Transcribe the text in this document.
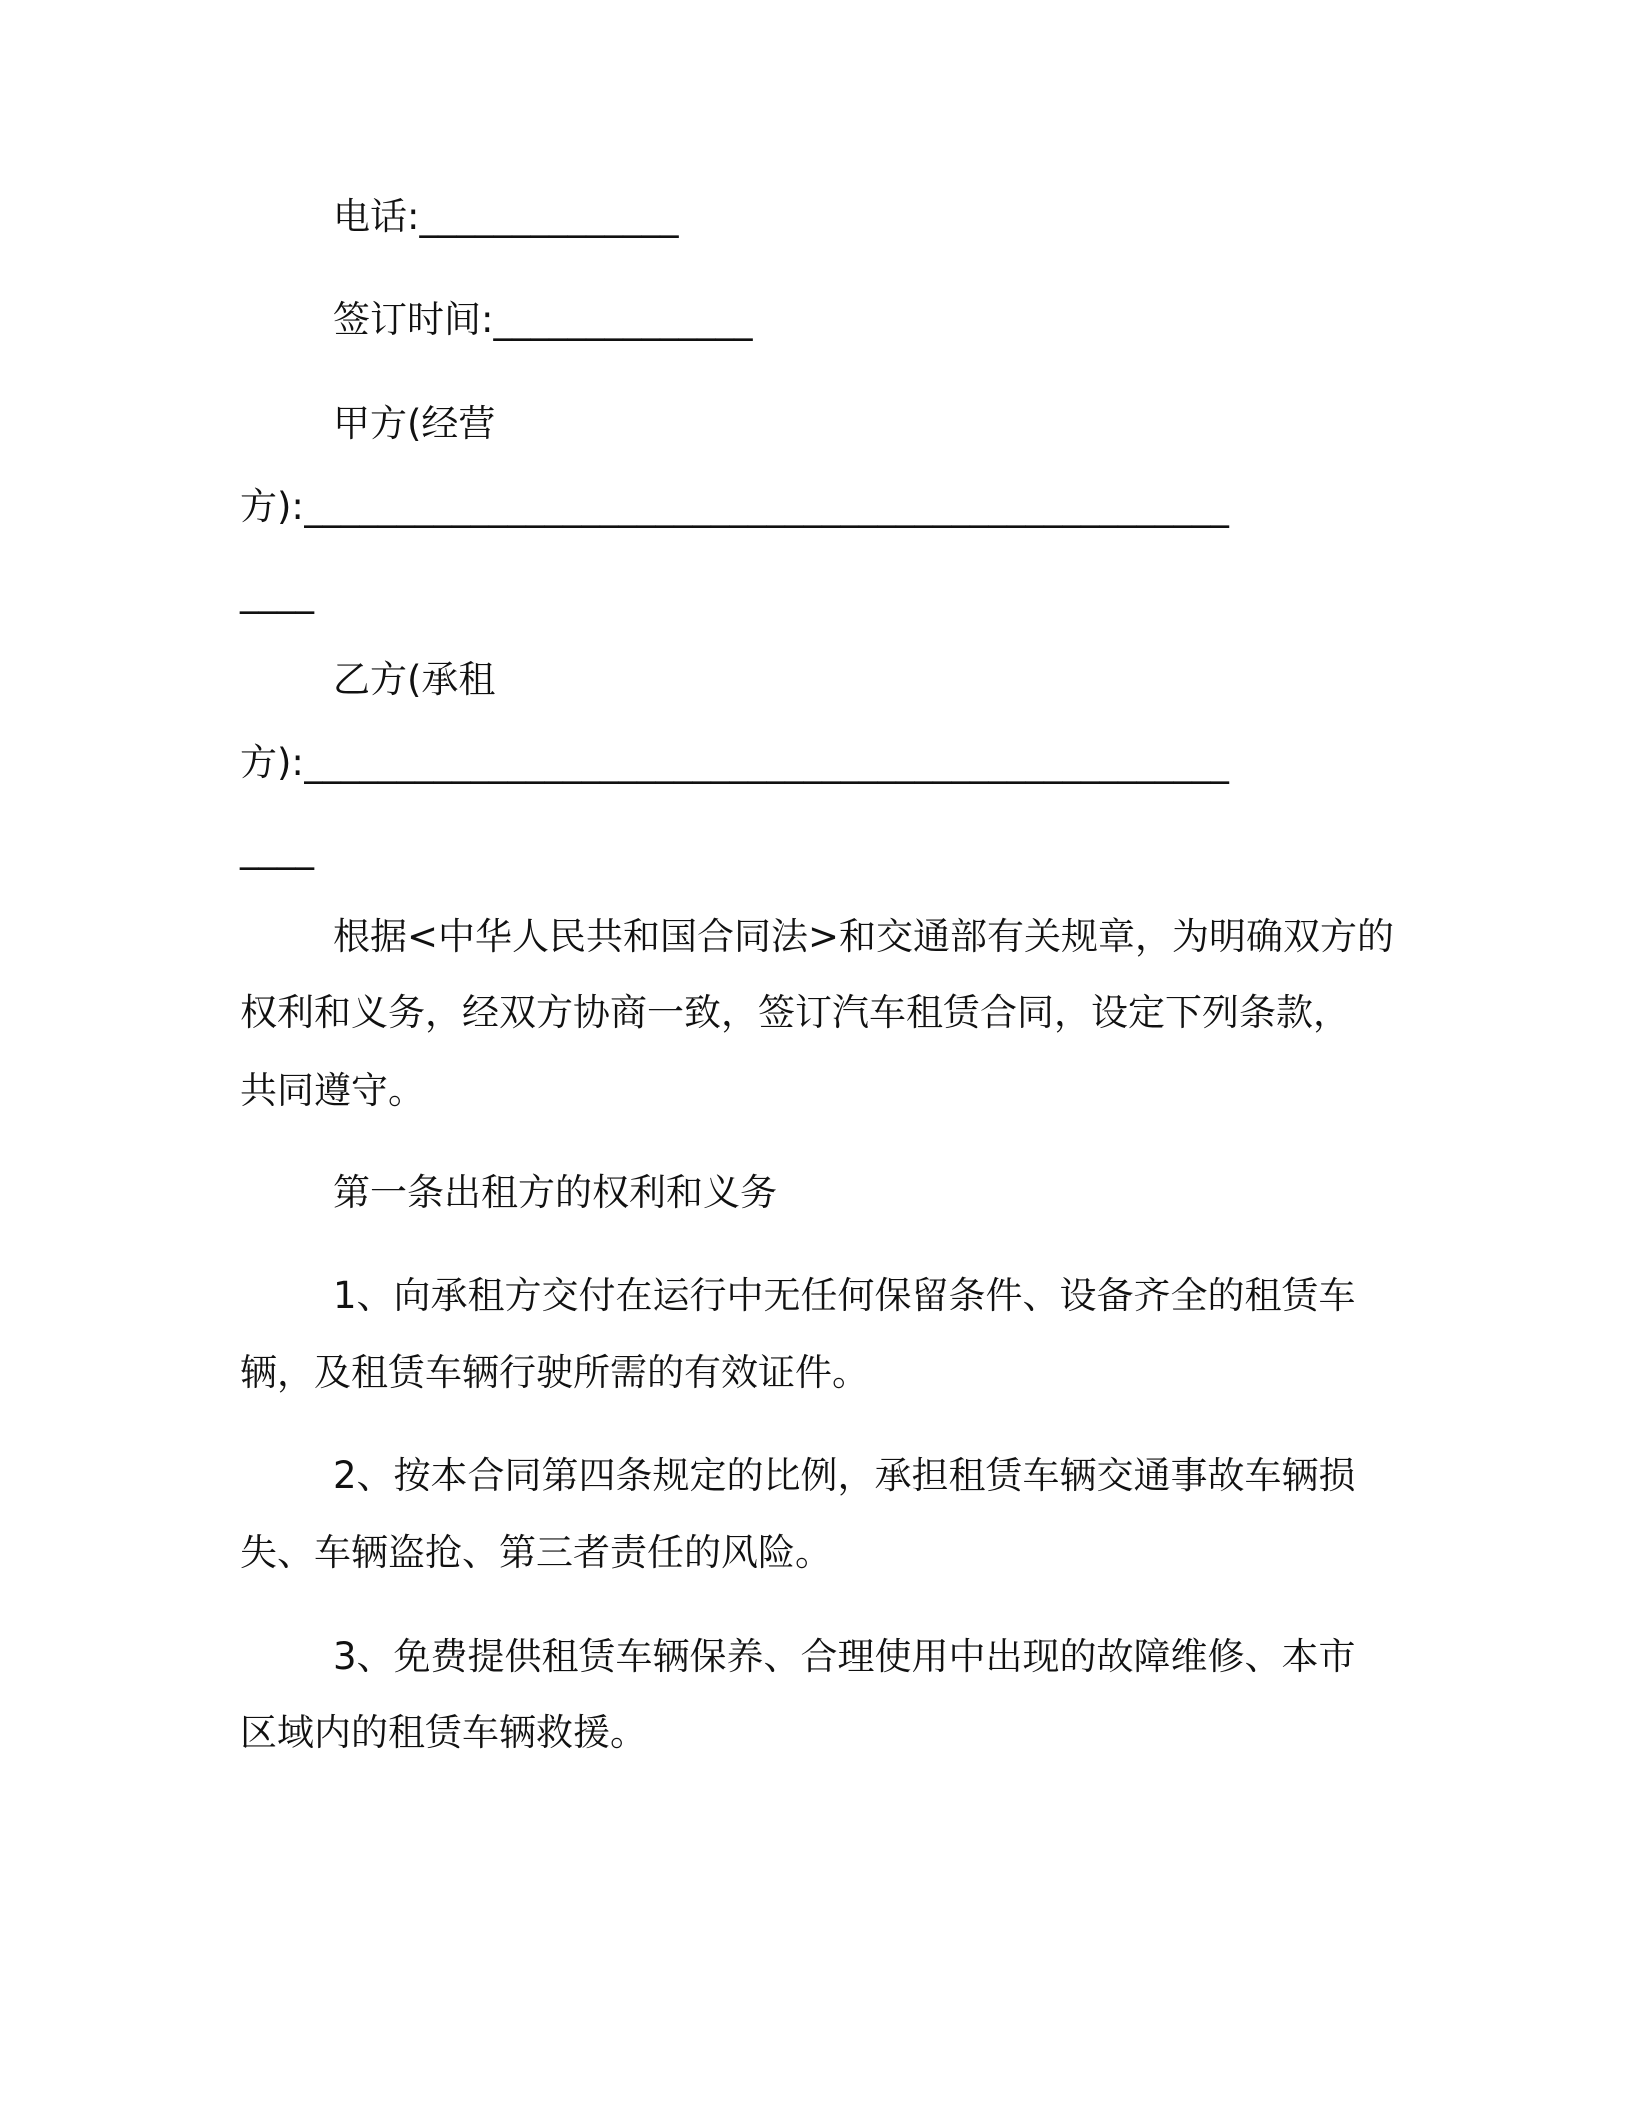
电话:______________
签订时间:______________
甲方(经营
方):__________________________________________________
____
乙方(承租
方):__________________________________________________
____
根据<中华人民共和国合同法>和交通部有关规章，为明确双方的
权利和义务，经双方协商一致，签订汽车租赁合同，设定下列条款，
共同遵守。
第一条出租方的权利和义务
1、向承租方交付在运行中无任何保留条件、设备齐全的租赁车
辆，及租赁车辆行驶所需的有效证件。
2、按本合同第四条规定的比例，承担租赁车辆交通事故车辆损
失、车辆盗抢、第三者责任的风险。
3、免费提供租赁车辆保养、合理使用中出现的故障维修、本市
区域内的租赁车辆救援。
